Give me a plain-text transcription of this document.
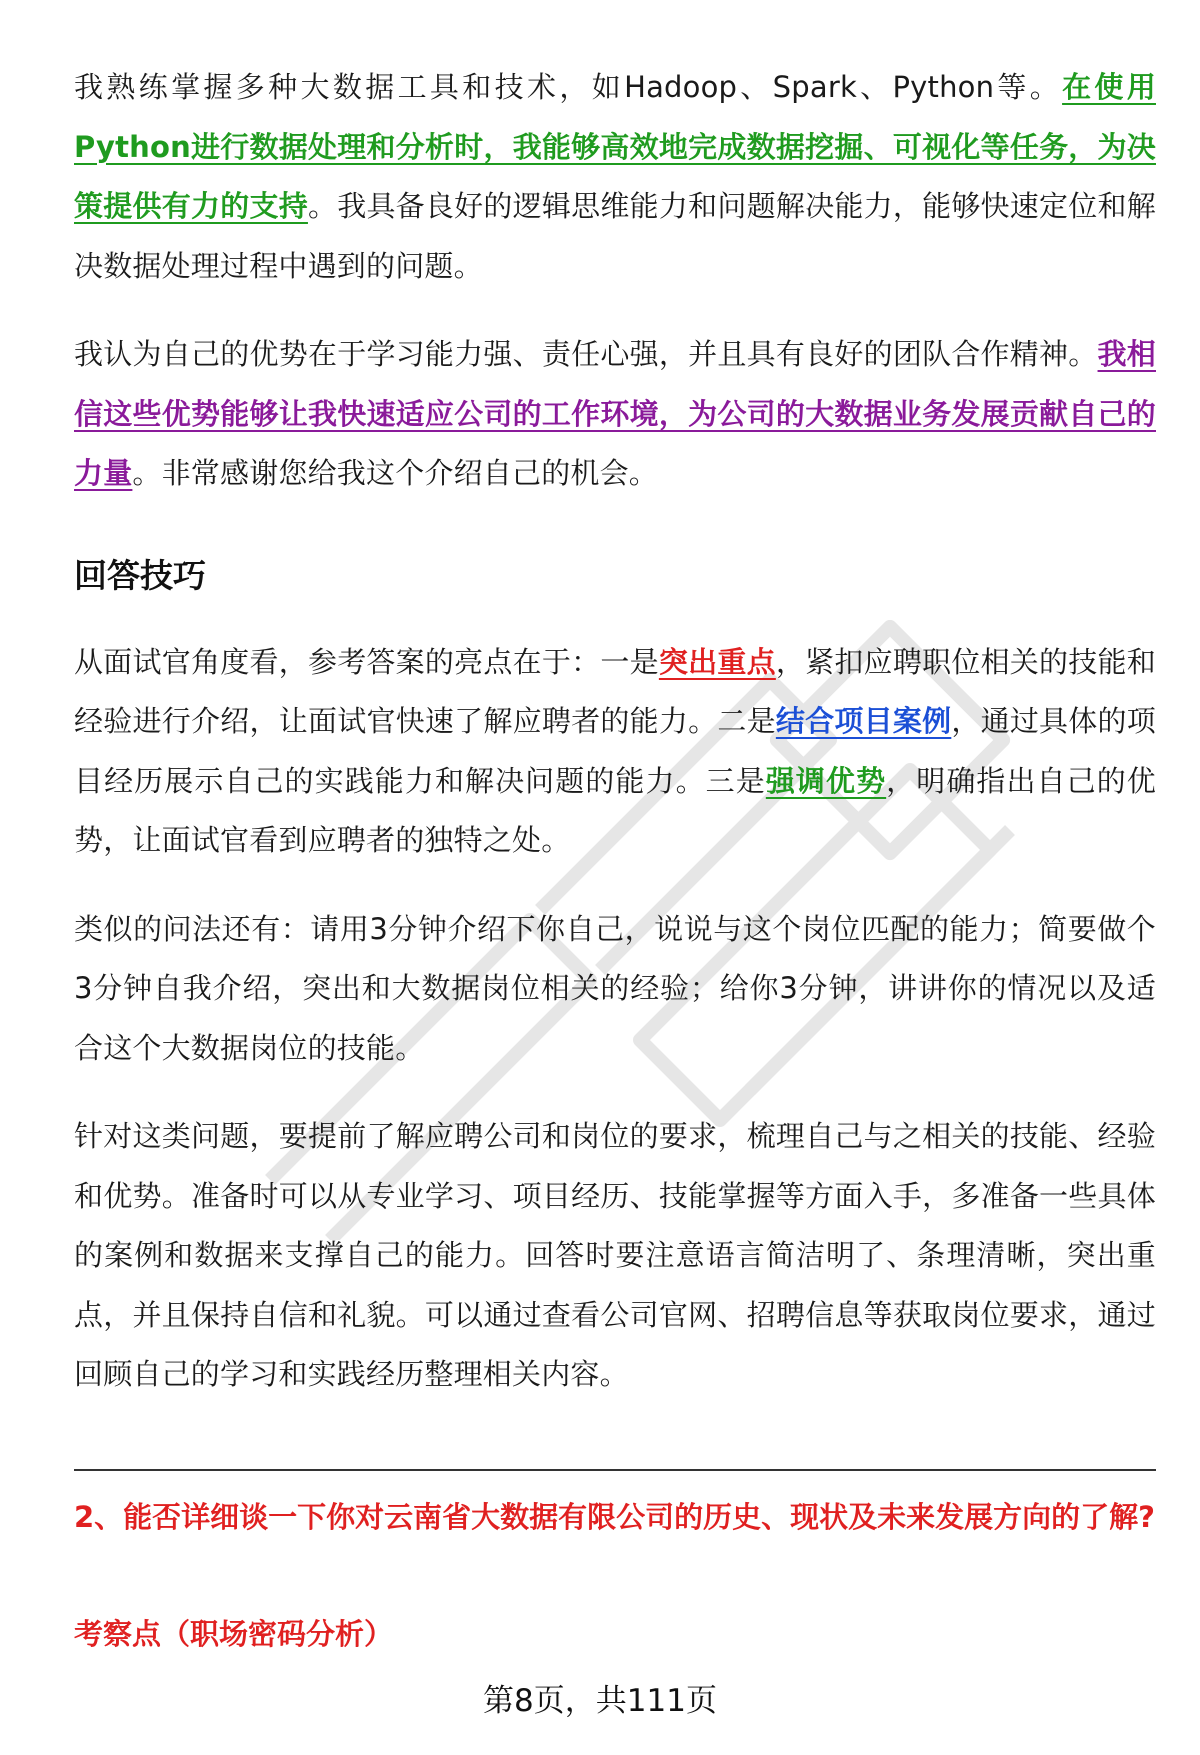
我熟练掌握多种大数据工具和技术，如Hadoop、Spark、Python等。在使用Python进行数据处理和分析时，我能够高效地完成数据挖掘、可视化等任务，为决策提供有力的支持。我具备良好的逻辑思维能力和问题解决能力，能够快速定位和解决数据处理过程中遇到的问题。

我认为自己的优势在于学习能力强、责任心强，并且具有良好的团队合作精神。我相信这些优势能够让我快速适应公司的工作环境，为公司的大数据业务发展贡献自己的力量。非常感谢您给我这个介绍自己的机会。

回答技巧

从面试官角度看，参考答案的亮点在于：一是突出重点，紧扣应聘职位相关的技能和经验进行介绍，让面试官快速了解应聘者的能力。二是结合项目案例，通过具体的项目经历展示自己的实践能力和解决问题的能力。三是强调优势，明确指出自己的优势，让面试官看到应聘者的独特之处。

类似的问法还有：请用3分钟介绍下你自己，说说与这个岗位匹配的能力；简要做个3分钟自我介绍，突出和大数据岗位相关的经验；给你3分钟，讲讲你的情况以及适合这个大数据岗位的技能。

针对这类问题，要提前了解应聘公司和岗位的要求，梳理自己与之相关的技能、经验和优势。准备时可以从专业学习、项目经历、技能掌握等方面入手，多准备一些具体的案例和数据来支撑自己的能力。回答时要注意语言简洁明了、条理清晰，突出重点，并且保持自信和礼貌。可以通过查看公司官网、招聘信息等获取岗位要求，通过回顾自己的学习和实践经历整理相关内容。

2、能否详细谈一下你对云南省大数据有限公司的历史、现状及未来发展方向的了解?

考察点（职场密码分析）

第8页，共111页
